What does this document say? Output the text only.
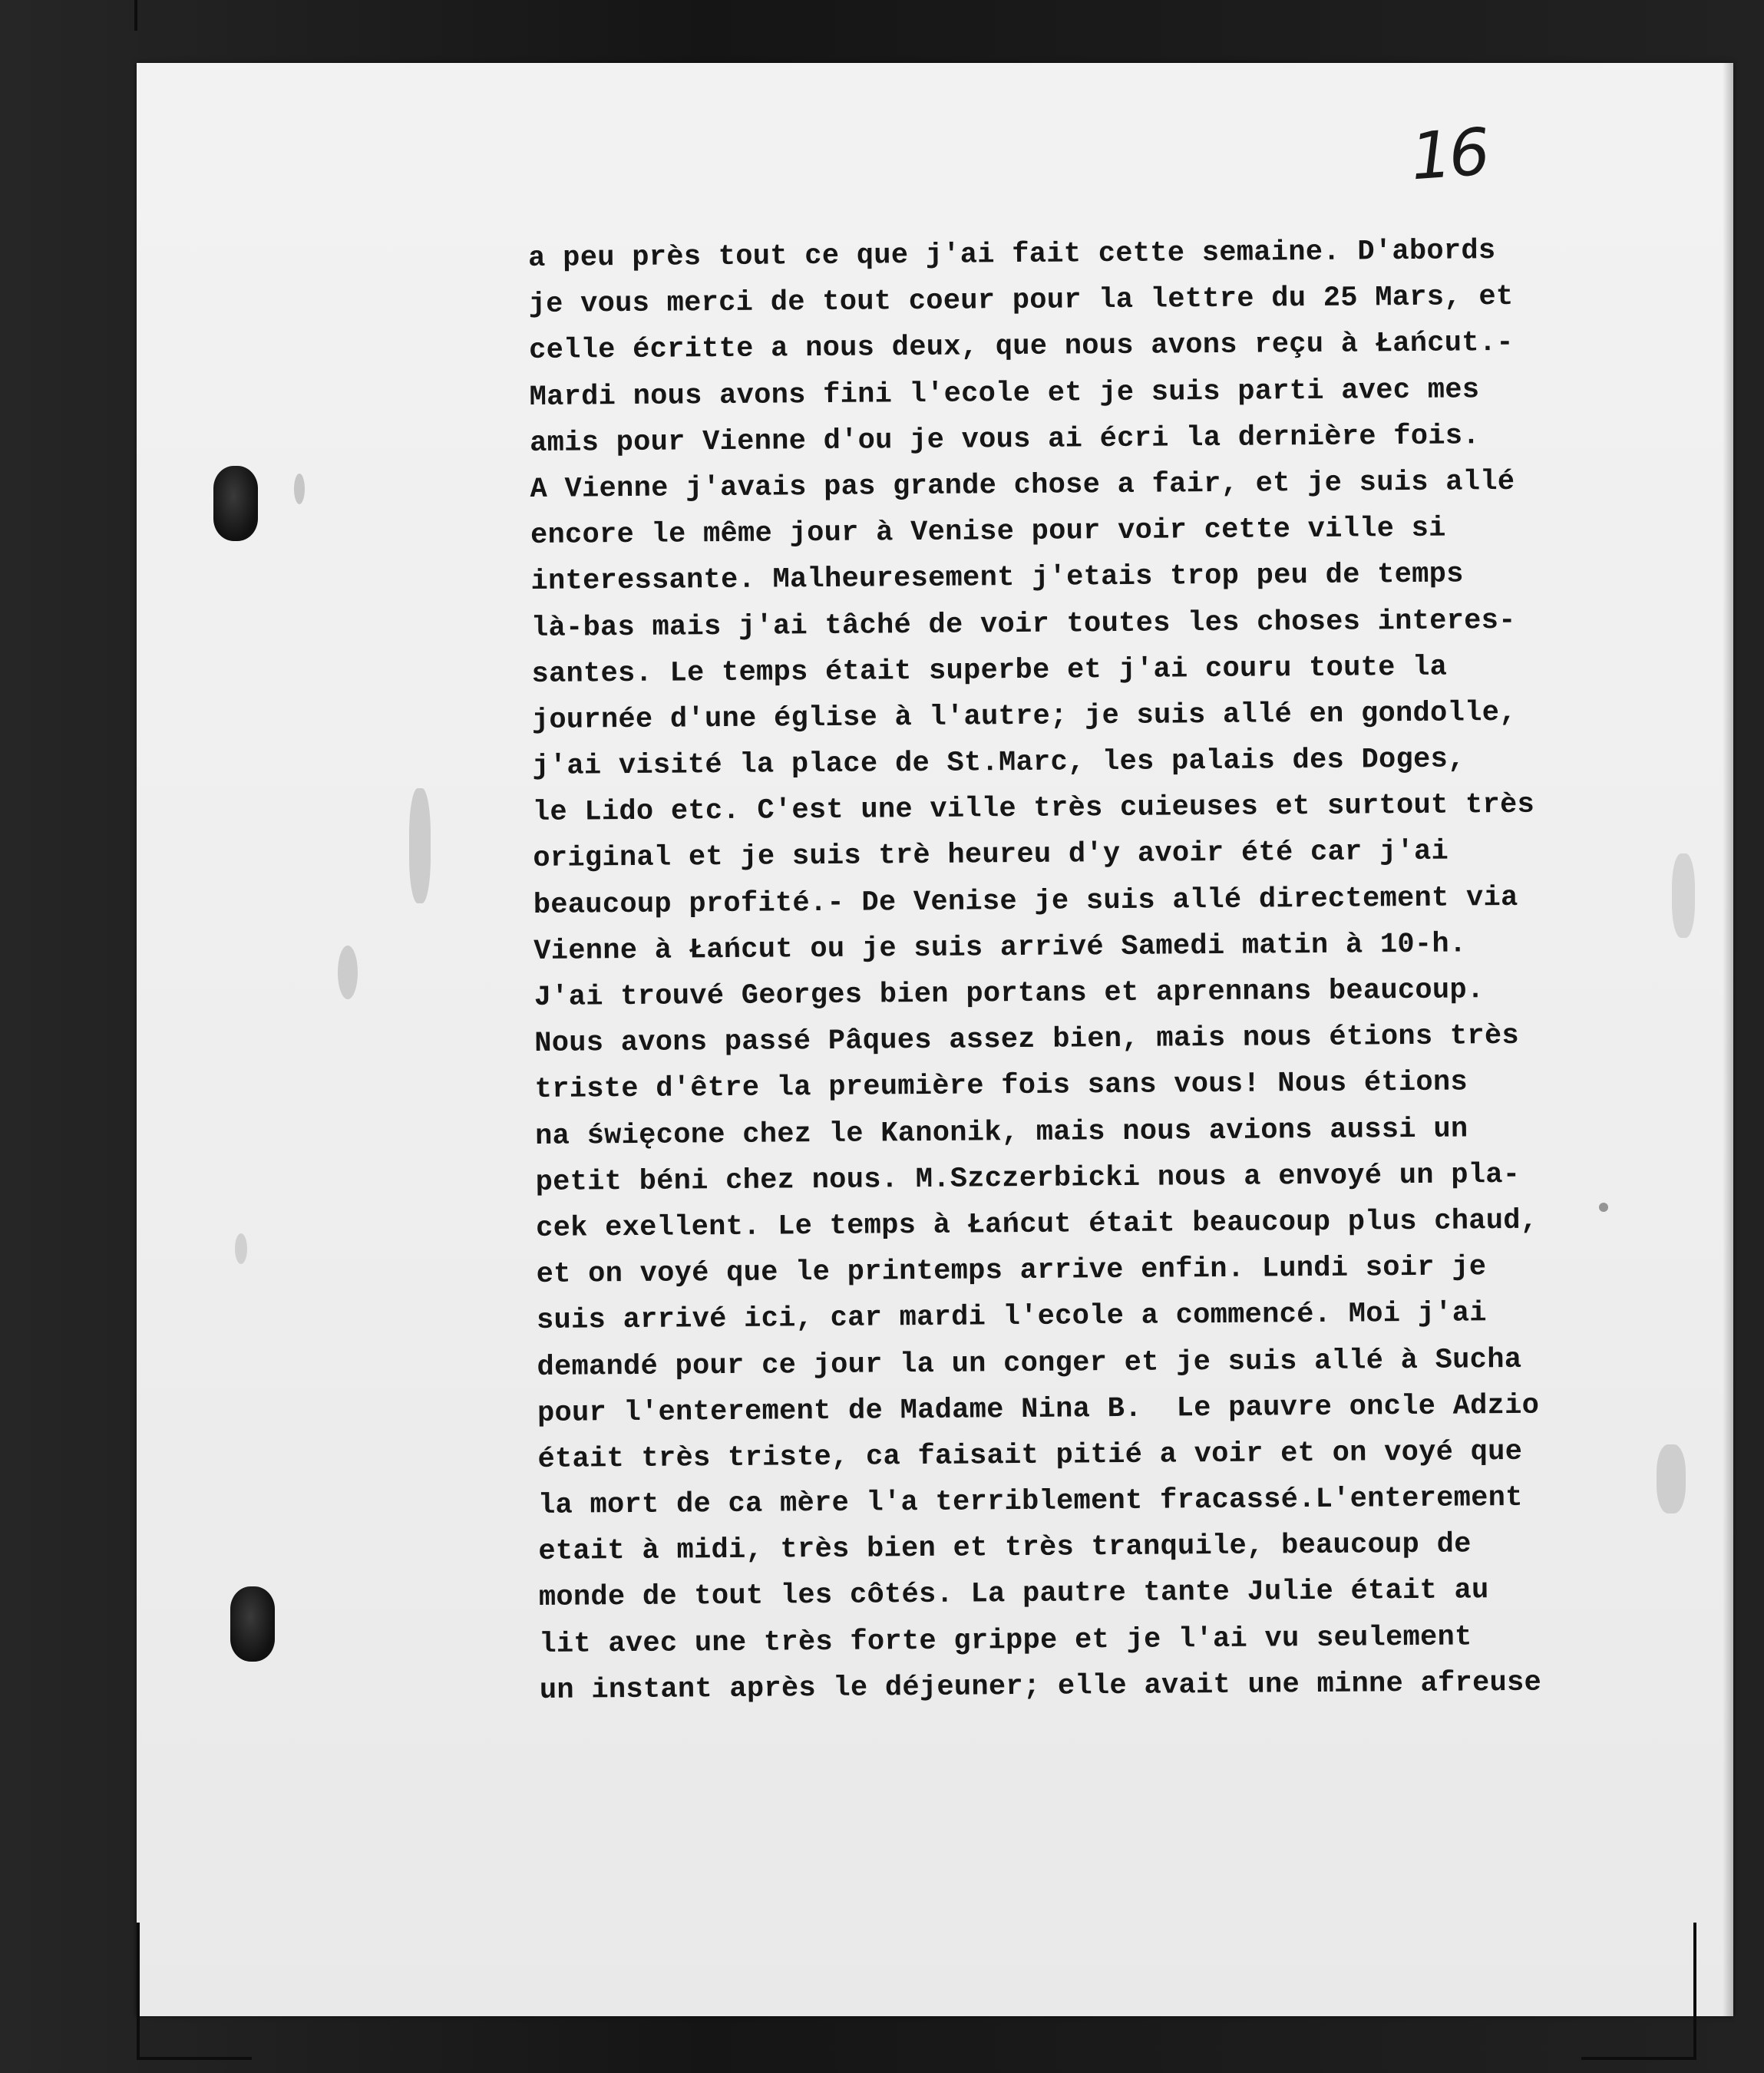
16
a peu près tout ce que j'ai fait cette semaine. D'abords
je vous merci de tout coeur pour la lettre du 25 Mars, et
celle écritte a nous deux, que nous avons reçu à Łańcut.-
Mardi nous avons fini l'ecole et je suis parti avec mes
amis pour Vienne d'ou je vous ai écri la dernière fois.
A Vienne j'avais pas grande chose a fair, et je suis allé
encore le même jour à Venise pour voir cette ville si
interessante. Malheuresement j'etais trop peu de temps
là-bas mais j'ai tâché de voir toutes les choses interes-
santes. Le temps était superbe et j'ai couru toute la
journée d'une église à l'autre; je suis allé en gondolle,
j'ai visité la place de St.Marc, les palais des Doges,
le Lido etc. C'est une ville très cuieuses et surtout très
original et je suis trè heureu d'y avoir été car j'ai
beaucoup profité.- De Venise je suis allé directement via
Vienne à Łańcut ou je suis arrivé Samedi matin à 10-h.
J'ai trouvé Georges bien portans et aprennans beaucoup.
Nous avons passé Pâques assez bien, mais nous étions très
triste d'être la preumière fois sans vous! Nous étions
na święcone chez le Kanonik, mais nous avions aussi un
petit béni chez nous. M.Szczerbicki nous a envoyé un pla-
cek exellent. Le temps à Łańcut était beaucoup plus chaud,
et on voyé que le printemps arrive enfin. Lundi soir je
suis arrivé ici, car mardi l'ecole a commencé. Moi j'ai
demandé pour ce jour la un conger et je suis allé à Sucha
pour l'enterement de Madame Nina B.  Le pauvre oncle Adzio
était très triste, ca faisait pitié a voir et on voyé que
la mort de ca mère l'a terriblement fracassé.L'enterement
etait à midi, très bien et très tranquile, beaucoup de
monde de tout les côtés. La pautre tante Julie était au
lit avec une très forte grippe et je l'ai vu seulement
un instant après le déjeuner; elle avait une minne afreuse
